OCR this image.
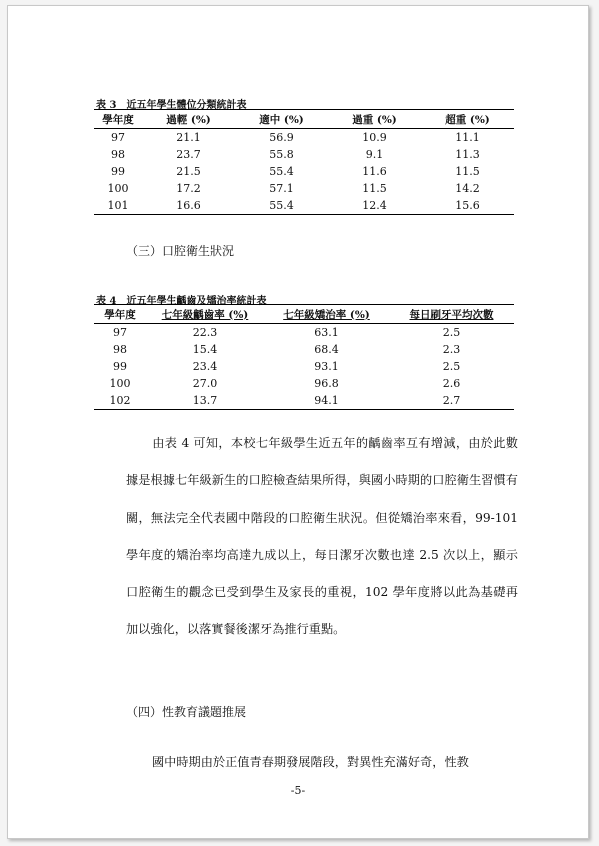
表 3　近五年學生體位分類統計表
學年度	過輕 (%)	適中 (%)	過重 (%)	超重 (%)
97	21.1	56.9	10.9	11.1
98	23.7	55.8	9.1	11.3
99	21.5	55.4	11.6	11.5
100	17.2	57.1	11.5	14.2
101	16.6	55.4	12.4	15.6
（三）口腔衛生狀況
表 4　近五年學生齲齒及矯治率統計表
學年度	七年級齲齒率 (%)	七年級矯治率 (%)	每日刷牙平均次數
97	22.3	63.1	2.5
98	15.4	68.4	2.3
99	23.4	93.1	2.5
100	27.0	96.8	2.6
102	13.7	94.1	2.7
由表 4 可知，本校七年級學生近五年的齲齒率互有增減，由於此數據是根據七年級新生的口腔檢查結果所得，與國小時期的口腔衛生習慣有關，無法完全代表國中階段的口腔衛生狀況。但從矯治率來看，99-101 學年度的矯治率均高達九成以上，每日潔牙次數也達 2.5 次以上，顯示口腔衛生的觀念已受到學生及家長的重視，102 學年度將以此為基礎再加以強化，以落實餐後潔牙為推行重點。
（四）性教育議題推展
國中時期由於正值青春期發展階段，對異性充滿好奇，性教
-5-
